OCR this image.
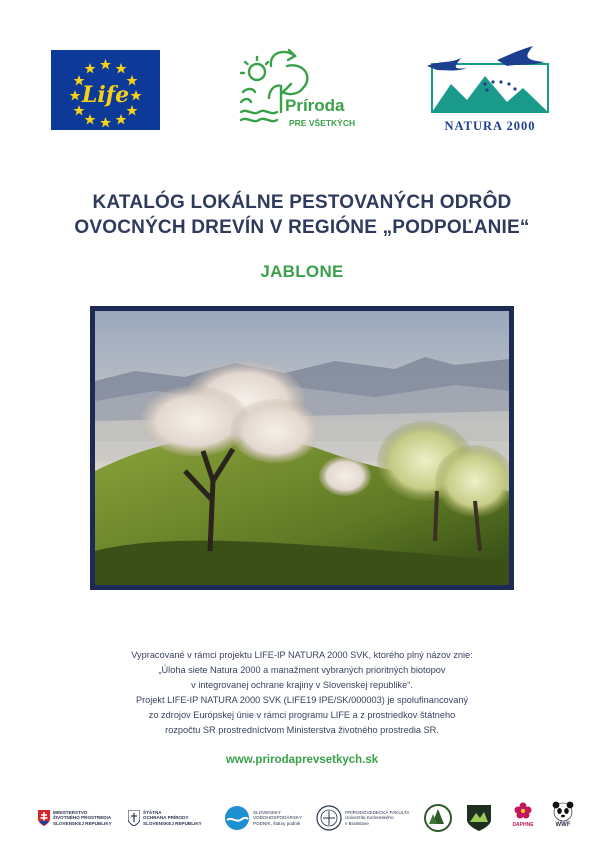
Life	Príroda
PRE VŠETKÝCH	NATURA 2000
KATALÓG LOKÁLNE PESTOVANÝCH ODRÔD
OVOCNÝCH DREVÍN V REGIÓNE „PODPOĽANIE“
JABLONE
Vypracované v rámci projektu LIFE-IP NATURA 2000 SVK, ktorého plný názov znie:
„Úloha siete Natura 2000 a manažment vybraných prioritných biotopov
v integrovanej ochrane krajiny v Slovenskej republike“.
Projekt LIFE-IP NATURA 2000 SVK (LIFE19 IPE/SK/000003) je spolufinancovaný
zo zdrojov Európskej únie v rámci programu LIFE a z prostriedkov štátneho
rozpočtu SR prostredníctvom Ministerstva životného prostredia SR.
www.prirodaprevsetkych.sk
MINISTERSTVO
ŽIVOTNÉHO PROSTREDIA
SLOVENSKEJ REPUBLIKY
ŠTÁTNA
OCHRANA PRÍRODY
SLOVENSKEJ REPUBLIKY
SLOVENSKÝ
VODOHOSPODÁRSKY
PODNIK, štátny podnik
PRÍRODOVEDECKÁ FAKULTA
Univerzita Komenského
v Bratislave	DAPHNE	WWF
